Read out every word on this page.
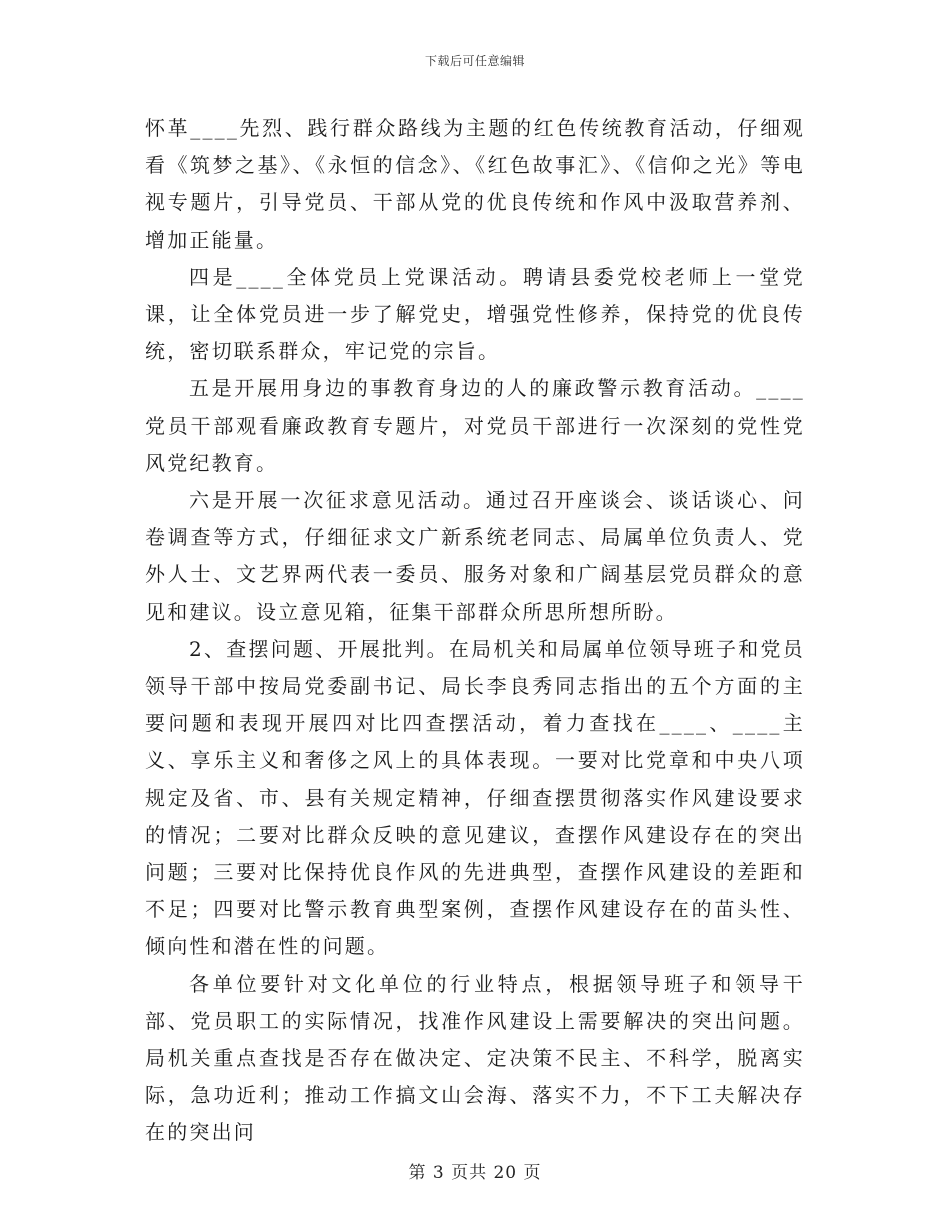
下载后可任意编辑

怀革____先烈、践行群众路线为主题的红色传统教育活动，仔细观看《筑梦之基》、《永恒的信念》、《红色故事汇》、《信仰之光》等电视专题片，引导党员、干部从党的优良传统和作风中汲取营养剂、增加正能量。

四是____全体党员上党课活动。聘请县委党校老师上一堂党课，让全体党员进一步了解党史，增强党性修养，保持党的优良传统，密切联系群众，牢记党的宗旨。

五是开展用身边的事教育身边的人的廉政警示教育活动。____党员干部观看廉政教育专题片，对党员干部进行一次深刻的党性党风党纪教育。

六是开展一次征求意见活动。通过召开座谈会、谈话谈心、问卷调查等方式，仔细征求文广新系统老同志、局属单位负责人、党外人士、文艺界两代表一委员、服务对象和广阔基层党员群众的意见和建议。设立意见箱，征集干部群众所思所想所盼。

2、查摆问题、开展批判。在局机关和局属单位领导班子和党员领导干部中按局党委副书记、局长李良秀同志指出的五个方面的主要问题和表现开展四对比四查摆活动，着力查找在____、____主义、享乐主义和奢侈之风上的具体表现。一要对比党章和中央八项规定及省、市、县有关规定精神，仔细查摆贯彻落实作风建设要求的情况；二要对比群众反映的意见建议，查摆作风建设存在的突出问题；三要对比保持优良作风的先进典型，查摆作风建设的差距和不足；四要对比警示教育典型案例，查摆作风建设存在的苗头性、倾向性和潜在性的问题。

各单位要针对文化单位的行业特点，根据领导班子和领导干部、党员职工的实际情况，找准作风建设上需要解决的突出问题。局机关重点查找是否存在做决定、定决策不民主、不科学，脱离实际，急功近利；推动工作搞文山会海、落实不力，不下工夫解决存在的突出问

第 3 页共 20 页
